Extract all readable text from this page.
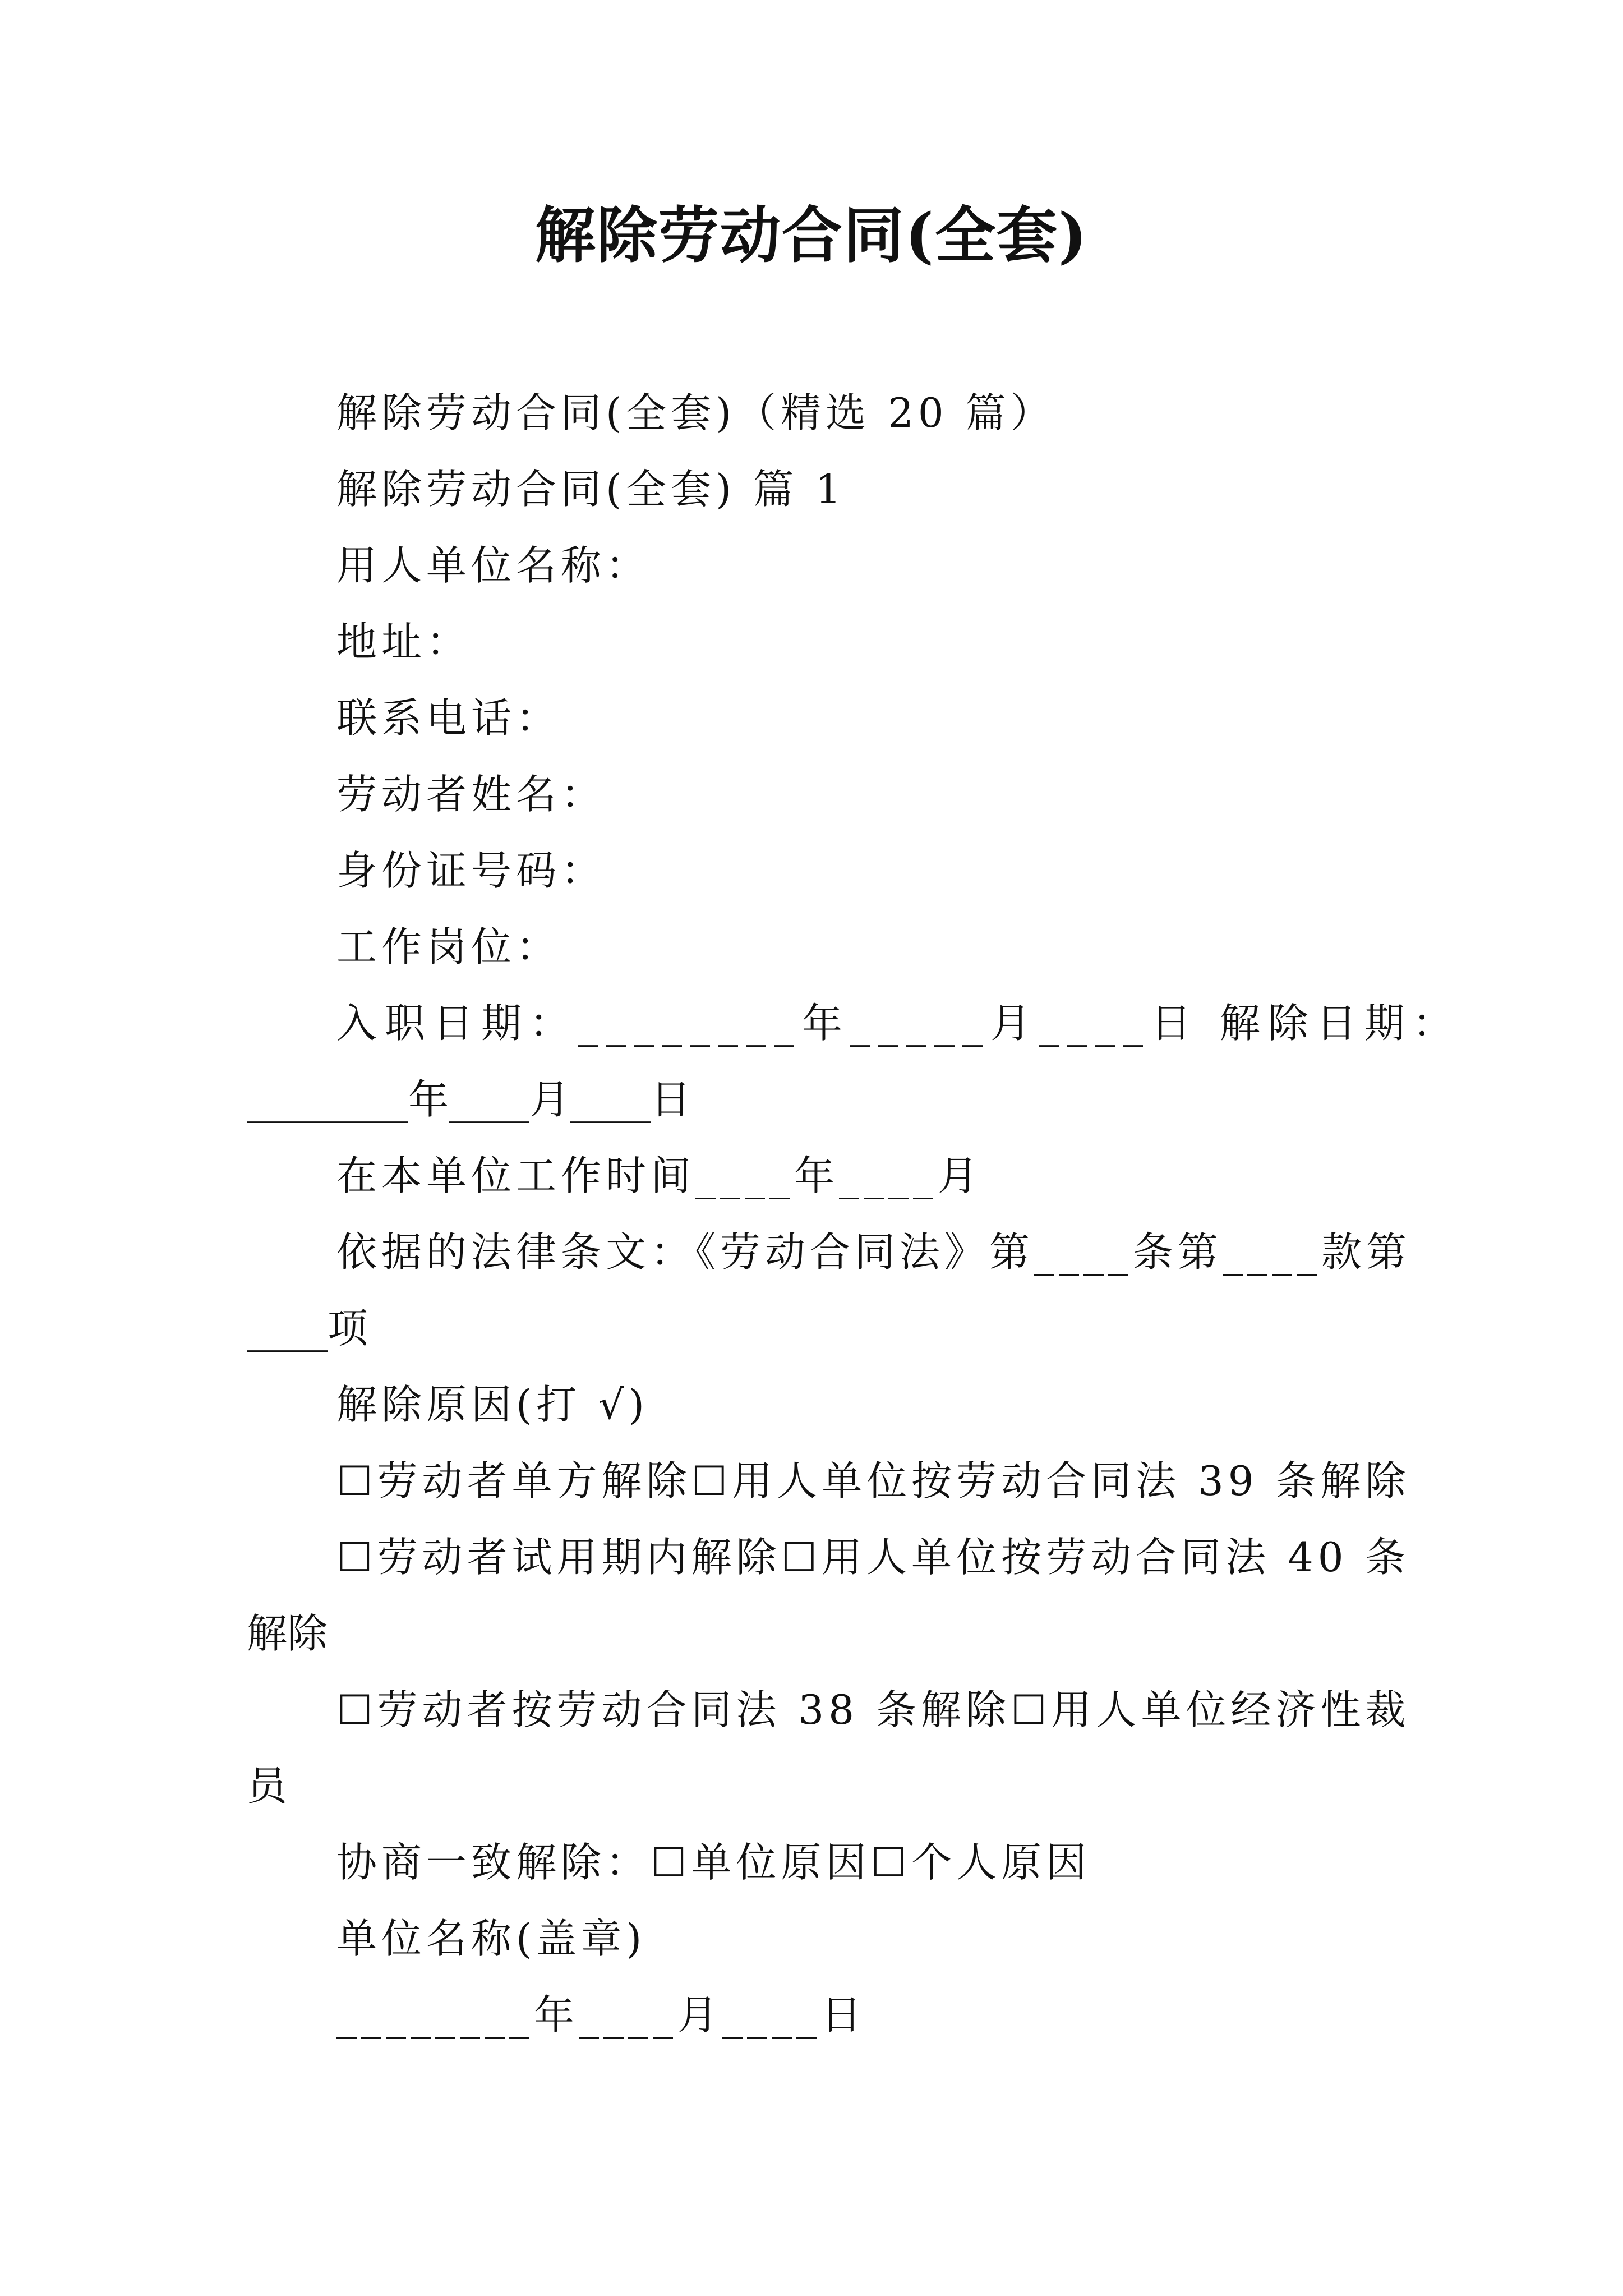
解除劳动合同(全套)
解除劳动合同(全套)（精选 20 篇）
解除劳动合同(全套) 篇 1
用人单位名称：
地址：
联系电话：
劳动者姓名：
身份证号码：
工作岗位：
入职日期：________年_____月____日 解除日期：
________年____月____日
在本单位工作时间____年____月
依据的法律条文：《劳动合同法》第____条第____款第
____项
解除原因(打 √)
☐劳动者单方解除☐用人单位按劳动合同法 39 条解除
☐劳动者试用期内解除☐用人单位按劳动合同法 40 条
解除
☐劳动者按劳动合同法 38 条解除☐用人单位经济性裁
员
协商一致解除：☐单位原因☐个人原因
单位名称(盖章)
________年____月____日
